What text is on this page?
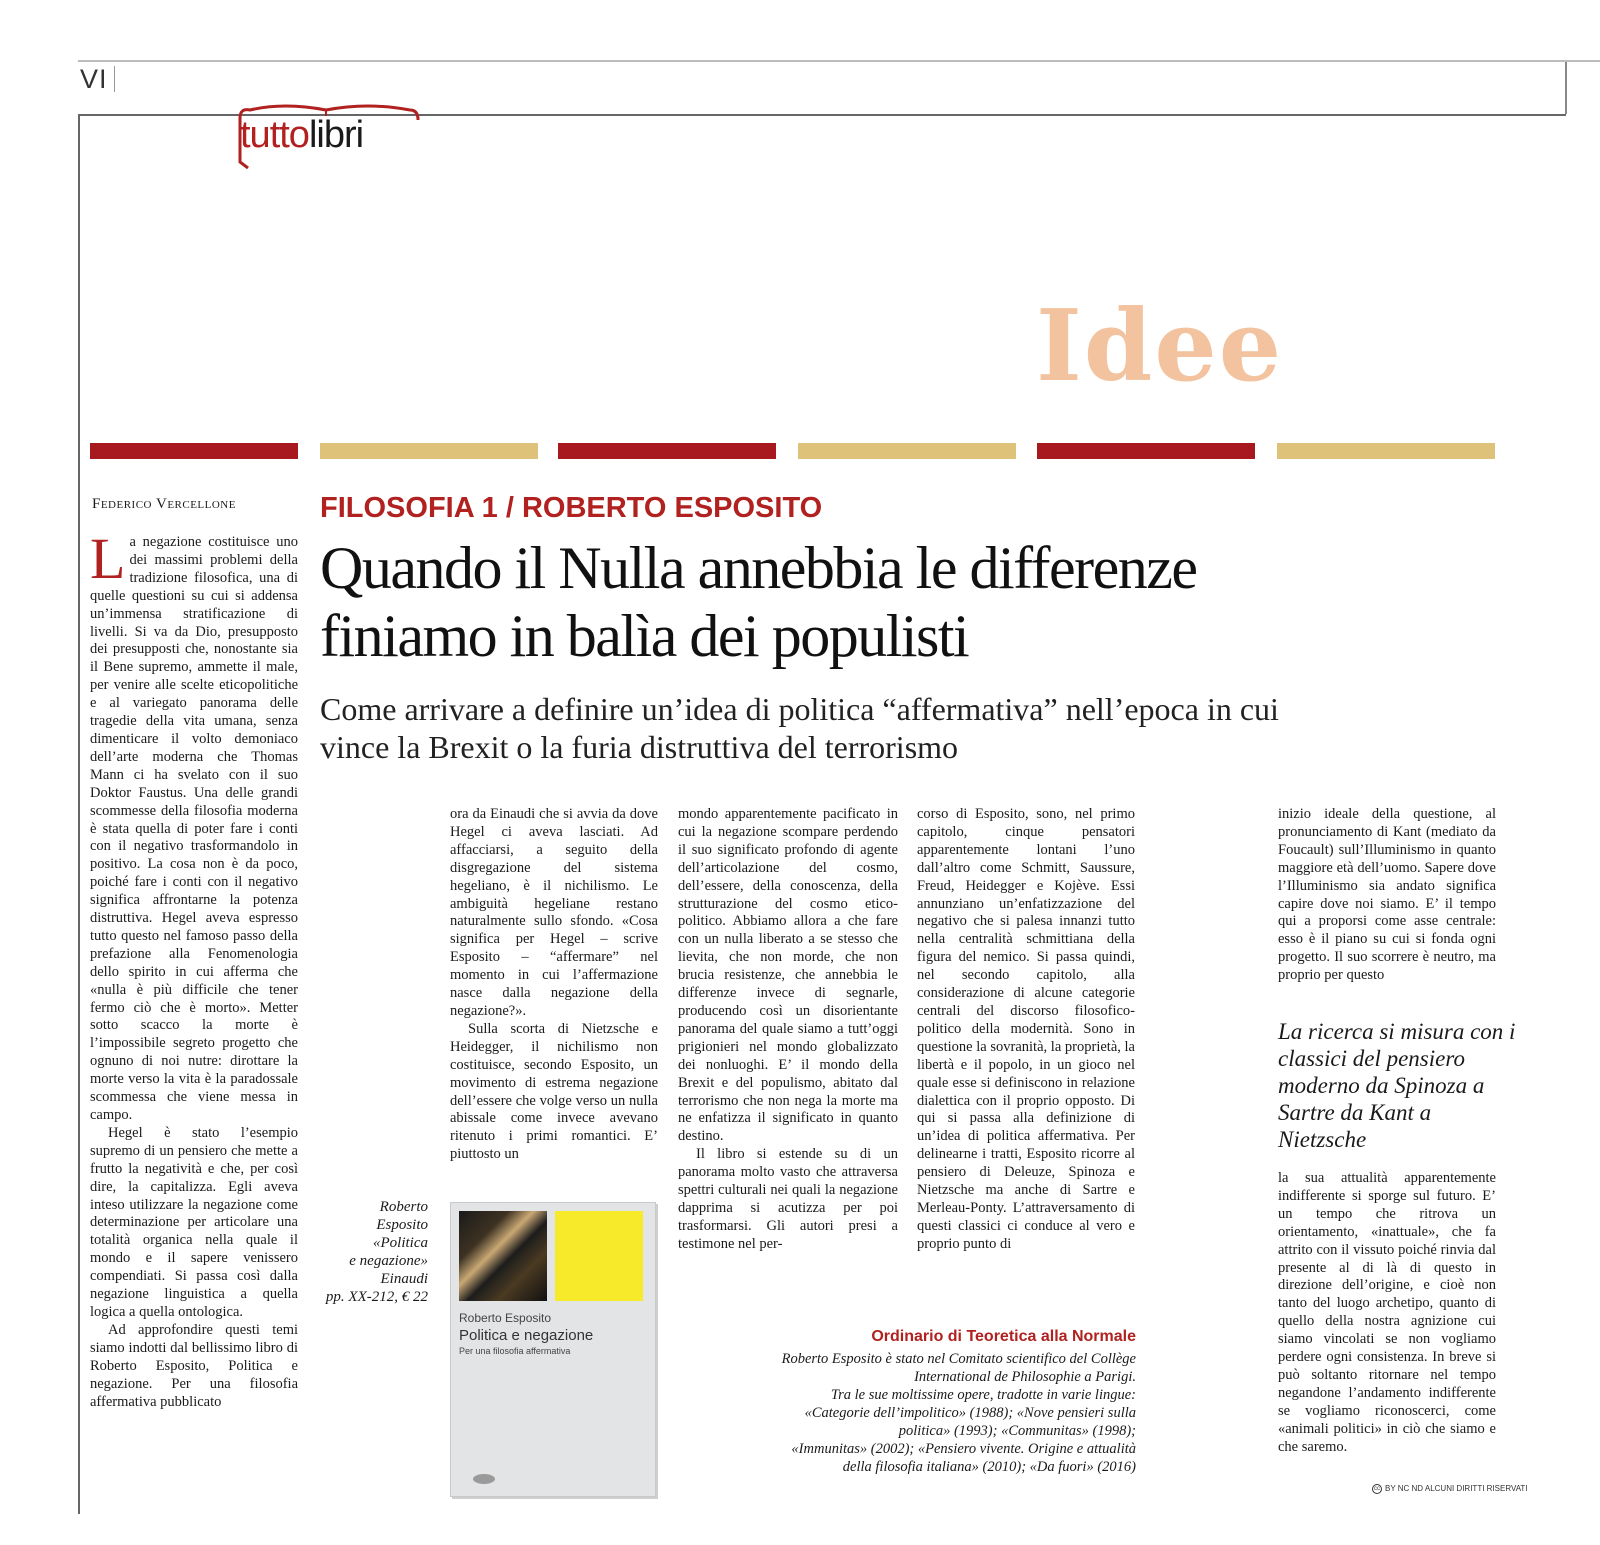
VI
tuttolibri
Idee
Federico Vercellone	FILOSOFIA 1 / ROBERTO ESPOSITO
Quando il Nulla annebbia le differenze finiamo in balìa dei populisti
Come arrivare a definire un’idea di politica “affermativa” nell’epoca in cui vince la Brexit o la furia distruttiva del terrorismo
L a negazione costituisce uno dei massimi problemi della tradizione filosofica, una di quelle questioni su cui si addensa un’immensa stratificazione di livelli. Si va da Dio, presupposto dei presupposti che, nonostante sia il Bene supremo, ammette il male, per venire alle scelte eticopolitiche e al variegato panorama delle tragedie della vita umana, senza dimenticare il volto demoniaco dell’arte moderna che Thomas Mann ci ha svelato con il suo Doktor Faustus. Una delle grandi scommesse della filosofia moderna è stata quella di poter fare i conti con il negativo trasformandolo in positivo. La cosa non è da poco, poiché fare i conti con il negativo significa affrontarne la potenza distruttiva. Hegel aveva espresso tutto questo nel famoso passo della prefazione alla Fenomenologia dello spirito in cui afferma che «nulla è più difficile che tener fermo ciò che è morto». Metter sotto scacco la morte è l’impossibile segreto progetto che ognuno di noi nutre: dirottare la morte verso la vita è la paradossale scommessa che viene messa in campo.

Hegel è stato l’esempio supremo di un pensiero che mette a frutto la negatività e che, per così dire, la capitalizza. Egli aveva inteso utilizzare la negazione come determinazione per articolare una totalità organica nella quale il mondo e il sapere venissero compendiati. Si passa così dalla negazione linguistica a quella logica a quella ontologica.

Ad approfondire questi temi siamo indotti dal bellissimo libro di Roberto Esposito, Politica e negazione. Per una filosofia affermativa pubblicato

ora da Einaudi che si avvia da dove Hegel ci aveva lasciati. Ad affacciarsi, a seguito della disgregazione del sistema hegeliano, è il nichilismo. Le ambiguità hegeliane restano naturalmente sullo sfondo. «Cosa significa per Hegel – scrive Esposito – “affermare” nel momento in cui l’affermazione nasce dalla negazione della negazione?».

Sulla scorta di Nietzsche e Heidegger, il nichilismo non costituisce, secondo Esposito, un movimento di estrema negazione dell’essere che volge verso un nulla abissale come invece avevano ritenuto i primi romantici. E’ piuttosto un

mondo apparentemente pacificato in cui la negazione scompare perdendo il suo significato profondo di agente dell’articolazione del cosmo, dell’essere, della conoscenza, della strutturazione del cosmo etico-politico. Abbiamo allora a che fare con un nulla liberato a se stesso che lievita, che non morde, che non brucia resistenze, che annebbia le differenze invece di segnarle, producendo così un disorientante panorama del quale siamo a tutt’oggi prigionieri nel mondo globalizzato dei nonluoghi. E’ il mondo della Brexit e del populismo, abitato dal terrorismo che non nega la morte ma ne enfatizza il significato in quanto destino.

Il libro si estende su di un panorama molto vasto che attraversa spettri culturali nei quali la negazione dapprima si acutizza per poi trasformarsi. Gli autori presi a testimone nel per-

corso di Esposito, sono, nel primo capitolo, cinque pensatori apparentemente lontani l’uno dall’altro come Schmitt, Saussure, Freud, Heidegger e Kojève. Essi annunziano un’enfatizzazione del negativo che si palesa innanzi tutto nella centralità schmittiana della figura del nemico. Si passa quindi, nel secondo capitolo, alla considerazione di alcune categorie centrali del discorso filosofico-politico della modernità. Sono in questione la sovranità, la proprietà, la libertà e il popolo, in un gioco nel quale esse si definiscono in relazione dialettica con il proprio opposto. Di qui si passa alla definizione di un’idea di politica affermativa. Per delinearne i tratti, Esposito ricorre al pensiero di Deleuze, Spinoza e Nietzsche ma anche di Sartre e Merleau-Ponty. L’attraversamento di questi classici ci conduce al vero e proprio punto di

inizio ideale della questione, al pronunciamento di Kant (mediato da Foucault) sull’Illuminismo in quanto maggiore età dell’uomo. Sapere dove l’Illuminismo sia andato significa capire dove noi siamo. E’ il tempo qui a proporsi come asse centrale: esso è il piano su cui si fonda ogni progetto. Il suo scorrere è neutro, ma proprio per questo

La ricerca si misura con i classici del pensiero moderno da Spinoza a Sartre da Kant a Nietzsche

la sua attualità apparentemente indifferente si sporge sul futuro. E’ un tempo che ritrova un orientamento, «inattuale», che fa attrito con il vissuto poiché rinvia dal presente al di là di questo in direzione dell’origine, e cioè non tanto del luogo archetipo, quanto di quello della nostra agnizione cui siamo vincolati se non vogliamo perdere ogni consistenza. In breve si può soltanto ritornare nel tempo negandone l’andamento indifferente se vogliamo riconoscerci, come «animali politici» in ciò che siamo e che saremo.

Roberto
Esposito
«Politica
e negazione»
Einaudi
pp. XX-212, € 22
Roberto Esposito
Politica e negazione
Per una filosofia affermativa
Ordinario di Teoretica alla Normale
Roberto Esposito è stato nel Comitato scientifico del Collège
International de Philosophie a Parigi.
Tra le sue moltissime opere, tradotte in varie lingue:
«Categorie dell’impolitico» (1988); «Nove pensieri sulla
politica» (1993); «Communitas» (1998);
«Immunitas» (2002); «Pensiero vivente. Origine e attualità
della filosofia italiana» (2010); «Da fuori» (2016)
cc BY NC ND ALCUNI DIRITTI RISERVATI
